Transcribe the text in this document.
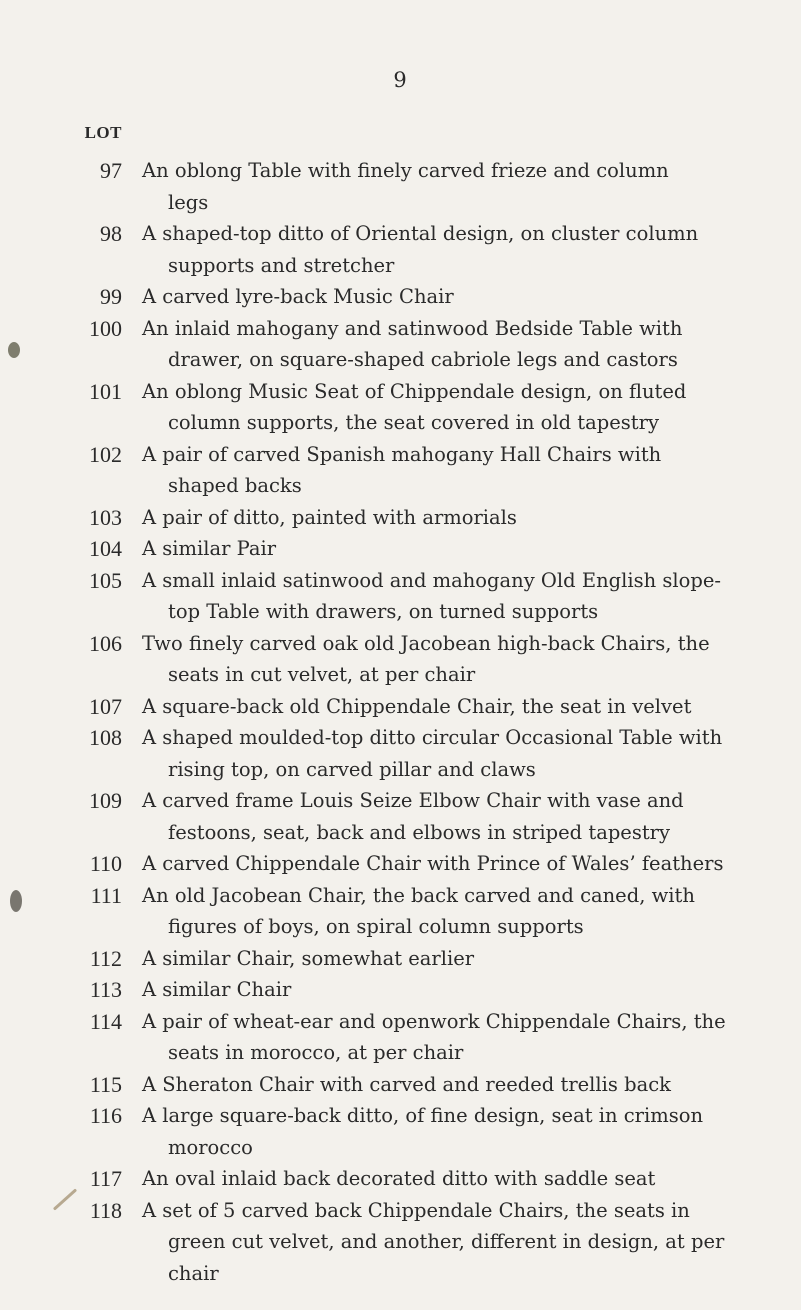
9
LOT
97 An oblong Table with finely carved frieze and column
legs
98 A shaped-top ditto of Oriental design, on cluster column
supports and stretcher
99 A carved lyre-back Music Chair
100 An inlaid mahogany and satinwood Bedside Table with
drawer, on square-shaped cabriole legs and castors
101 An oblong Music Seat of Chippendale design, on fluted
column supports, the seat covered in old tapestry
102 A pair of carved Spanish mahogany Hall Chairs with
shaped backs
103 A pair of ditto, painted with armorials
104 A similar Pair
105 A small inlaid satinwood and mahogany Old English slope-
top Table with drawers, on turned supports
106 Two finely carved oak old Jacobean high-back Chairs, the
seats in cut velvet, at per chair
107 A square-back old Chippendale Chair, the seat in velvet
108 A shaped moulded-top ditto circular Occasional Table with
rising top, on carved pillar and claws
109 A carved frame Louis Seize Elbow Chair with vase and
festoons, seat, back and elbows in striped tapestry
110 A carved Chippendale Chair with Prince of Wales’ feathers
111 An old Jacobean Chair, the back carved and caned, with
figures of boys, on spiral column supports
112 A similar Chair, somewhat earlier
113 A similar Chair
114 A pair of wheat-ear and openwork Chippendale Chairs, the
seats in morocco, at per chair
115 A Sheraton Chair with carved and reeded trellis back
116 A large square-back ditto, of fine design, seat in crimson
morocco
117 An oval inlaid back decorated ditto with saddle seat
118 A set of 5 carved back Chippendale Chairs, the seats in
green cut velvet, and another, different in design, at per
chair
